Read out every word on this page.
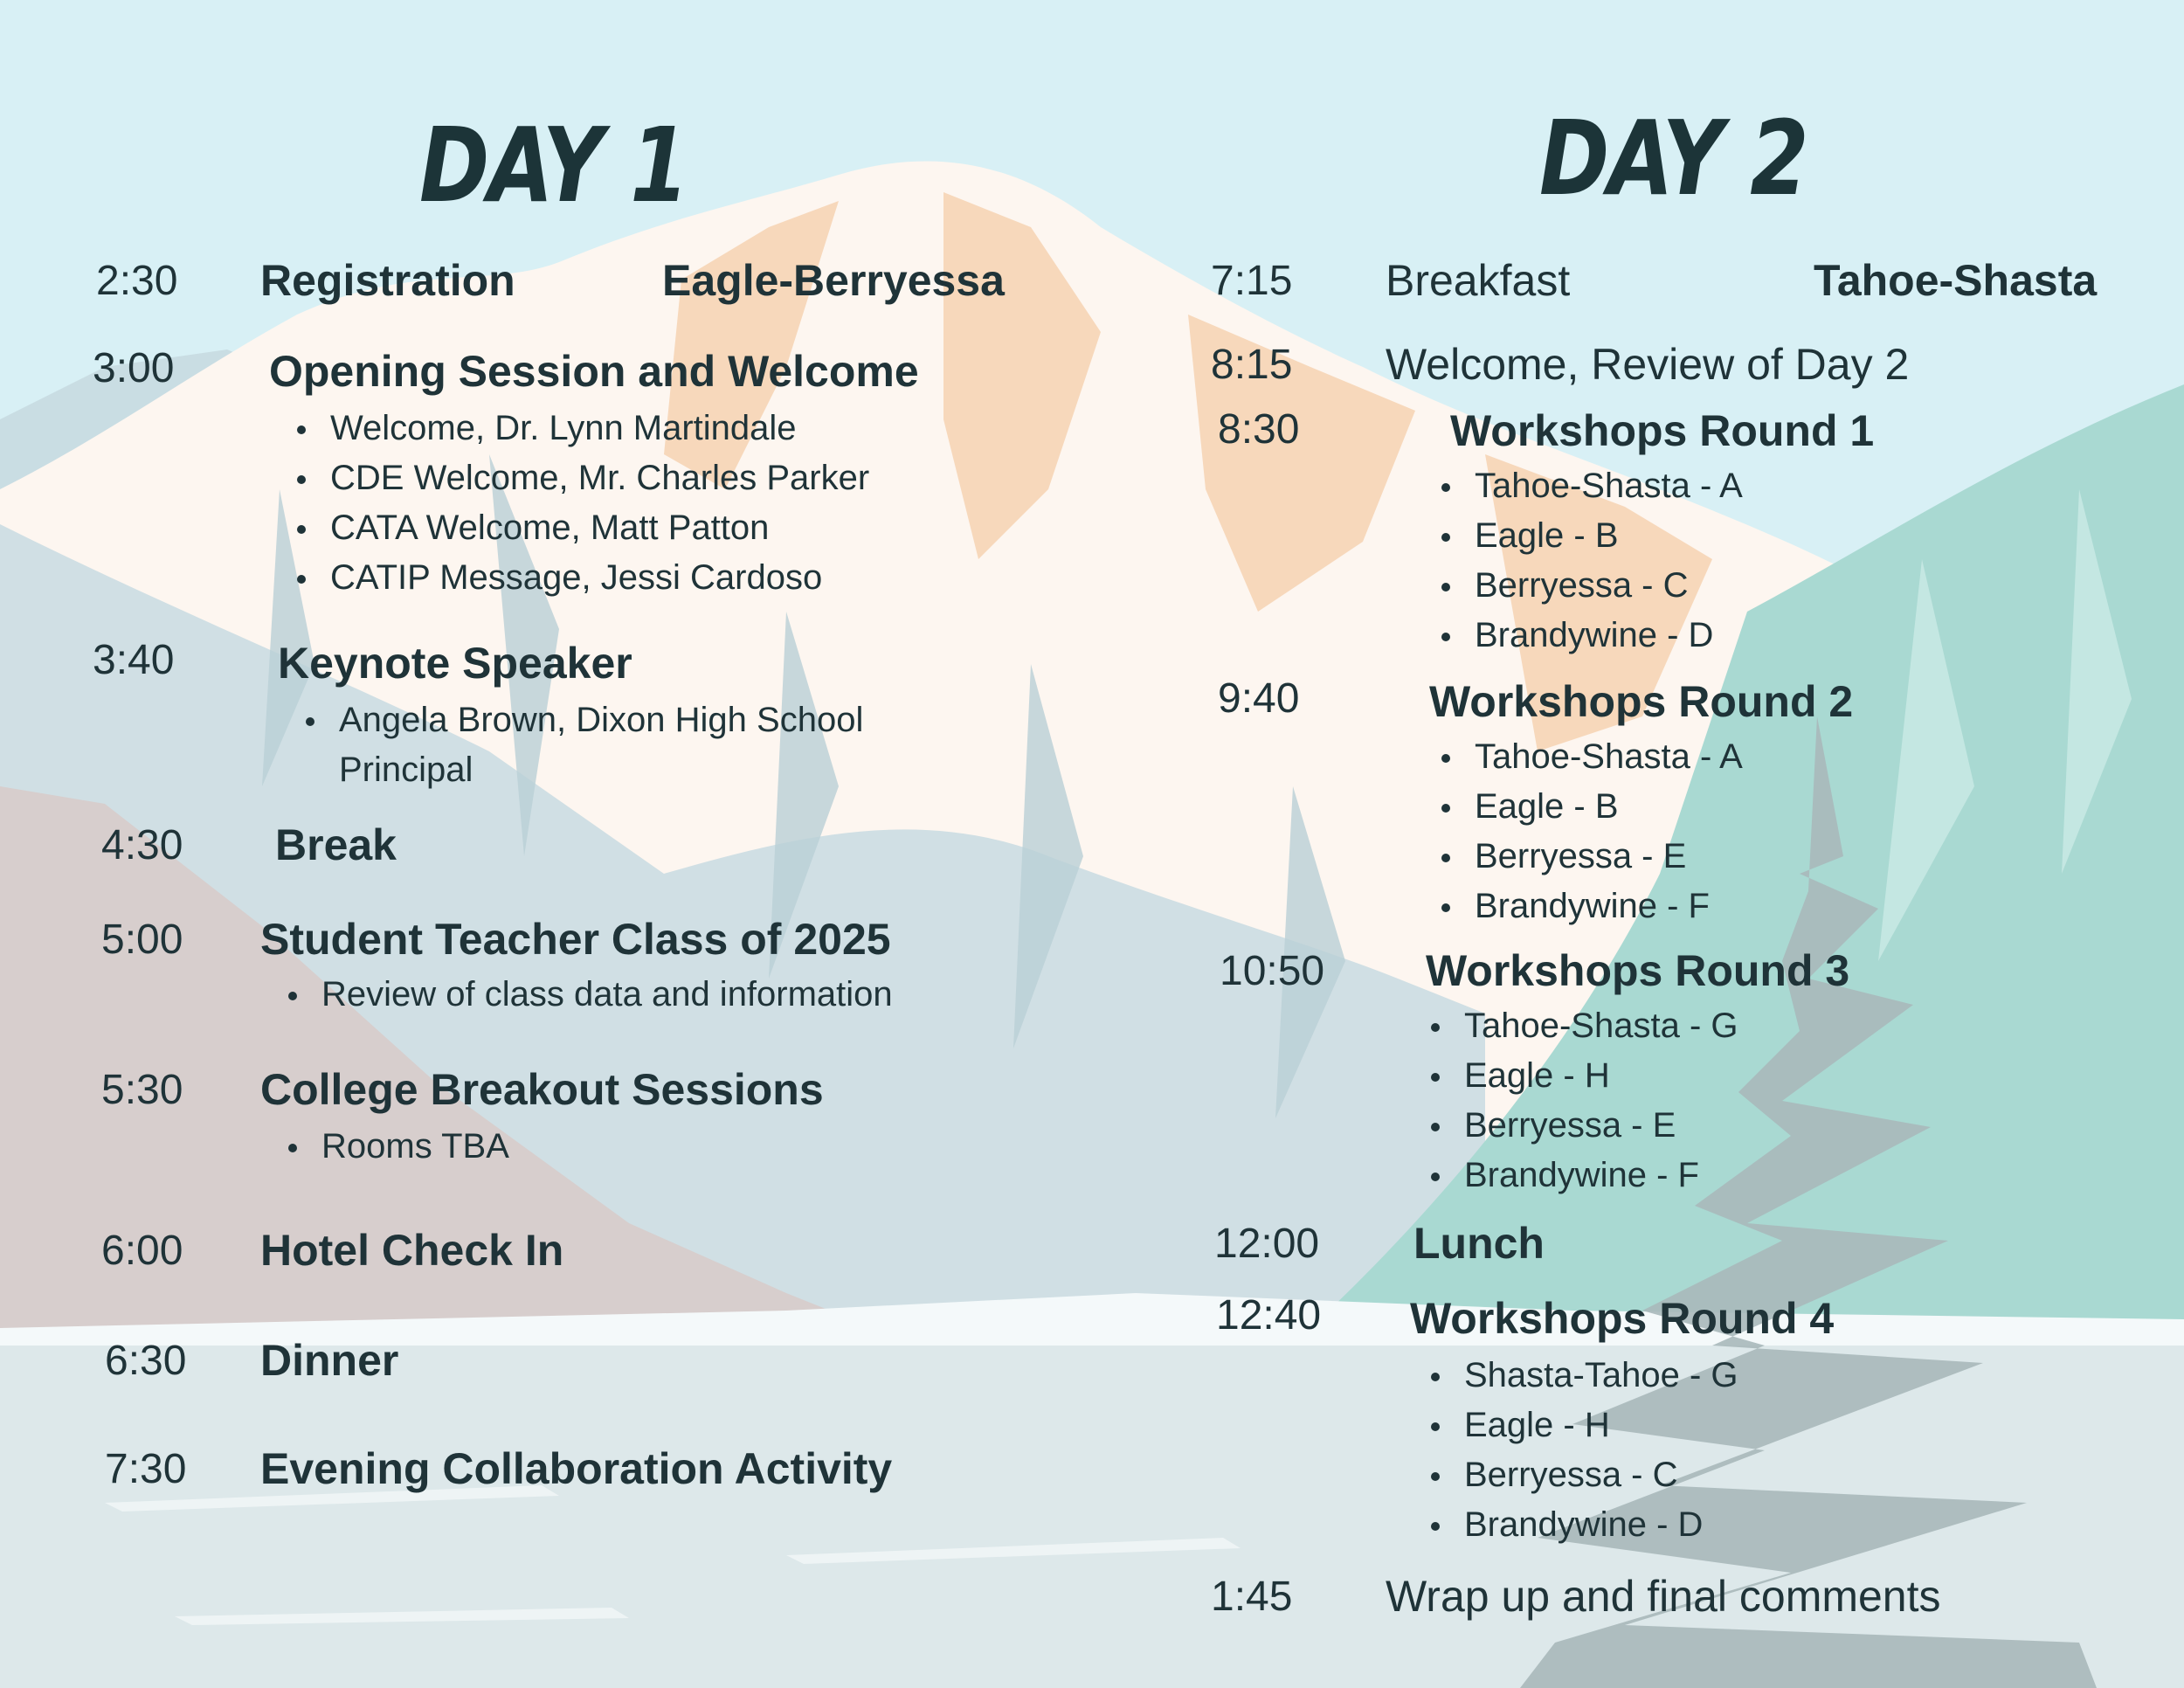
DAY 1
2:30 Registration	Eagle-Berryessa
3:00 Opening Session and Welcome
Welcome, Dr. Lynn Martindale
CDE Welcome, Mr. Charles Parker
CATA Welcome, Matt Patton
CATIP Message, Jessi Cardoso
3:40 Keynote Speaker
Angela Brown, Dixon High School Principal
4:30 Break
5:00 Student Teacher Class of 2025
Review of class data and information
5:30 College Breakout Sessions
Rooms TBA
6:00 Hotel Check In
6:30 Dinner
7:30 Evening Collaboration Activity
DAY 2
7:15 Breakfast	Tahoe-Shasta
8:15 Welcome, Review of Day 2
8:30	Workshops Round 1
Tahoe-Shasta - A
Eagle - B
Berryessa - C
Brandywine - D
9:40	Workshops Round 2
Tahoe-Shasta - A
Eagle - B
Berryessa - E
Brandywine - F
10:50 Workshops Round 3
Tahoe-Shasta - G
Eagle - H
Berryessa - E
Brandywine - F
12:00 Lunch
12:40 Workshops Round 4
Shasta-Tahoe - G
Eagle - H
Berryessa - C
Brandywine - D
1:45 Wrap up and final comments
